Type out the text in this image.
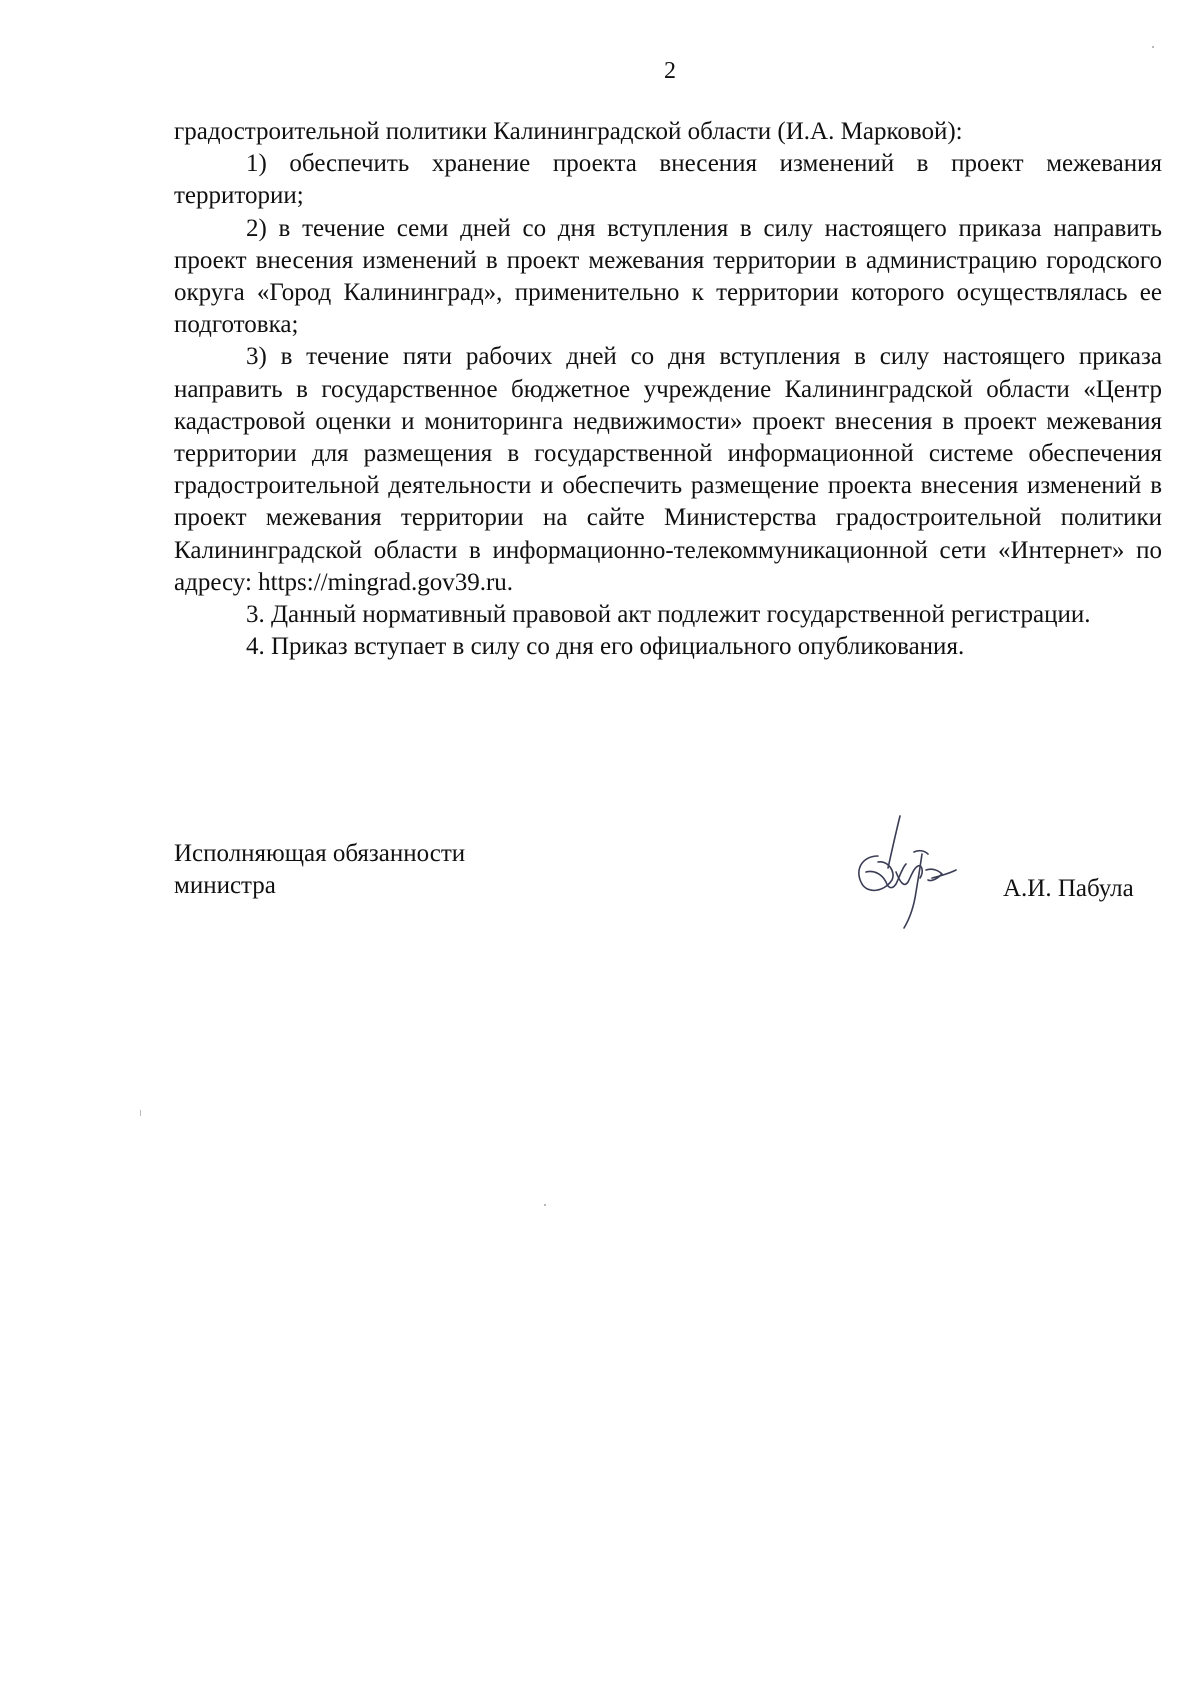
2

градостроительной политики Калининградской области (И.А. Марковой):

1) обеспечить хранение проекта внесения изменений в проект межевания территории;

2) в течение семи дней со дня вступления в силу настоящего приказа направить проект внесения изменений в проект межевания территории в администрацию городского округа «Город Калининград», применительно к территории которого осуществлялась ее подготовка;

3) в течение пяти рабочих дней со дня вступления в силу настоящего приказа направить в государственное бюджетное учреждение Калининградской области «Центр кадастровой оценки и мониторинга недвижимости» проект внесения в проект межевания территории для размещения в государственной информационной системе обеспечения градостроительной деятельности и обеспечить размещение проекта внесения изменений в проект межевания территории на сайте Министерства градостроительной политики Калининградской области в информационно-телекоммуникационной сети «Интернет» по адресу: https://mingrad.gov39.ru.

3. Данный нормативный правовой акт подлежит государственной регистрации.

4. Приказ вступает в силу со дня его официального опубликования.

Исполняющая обязанности
министра	А.И. Пабула
